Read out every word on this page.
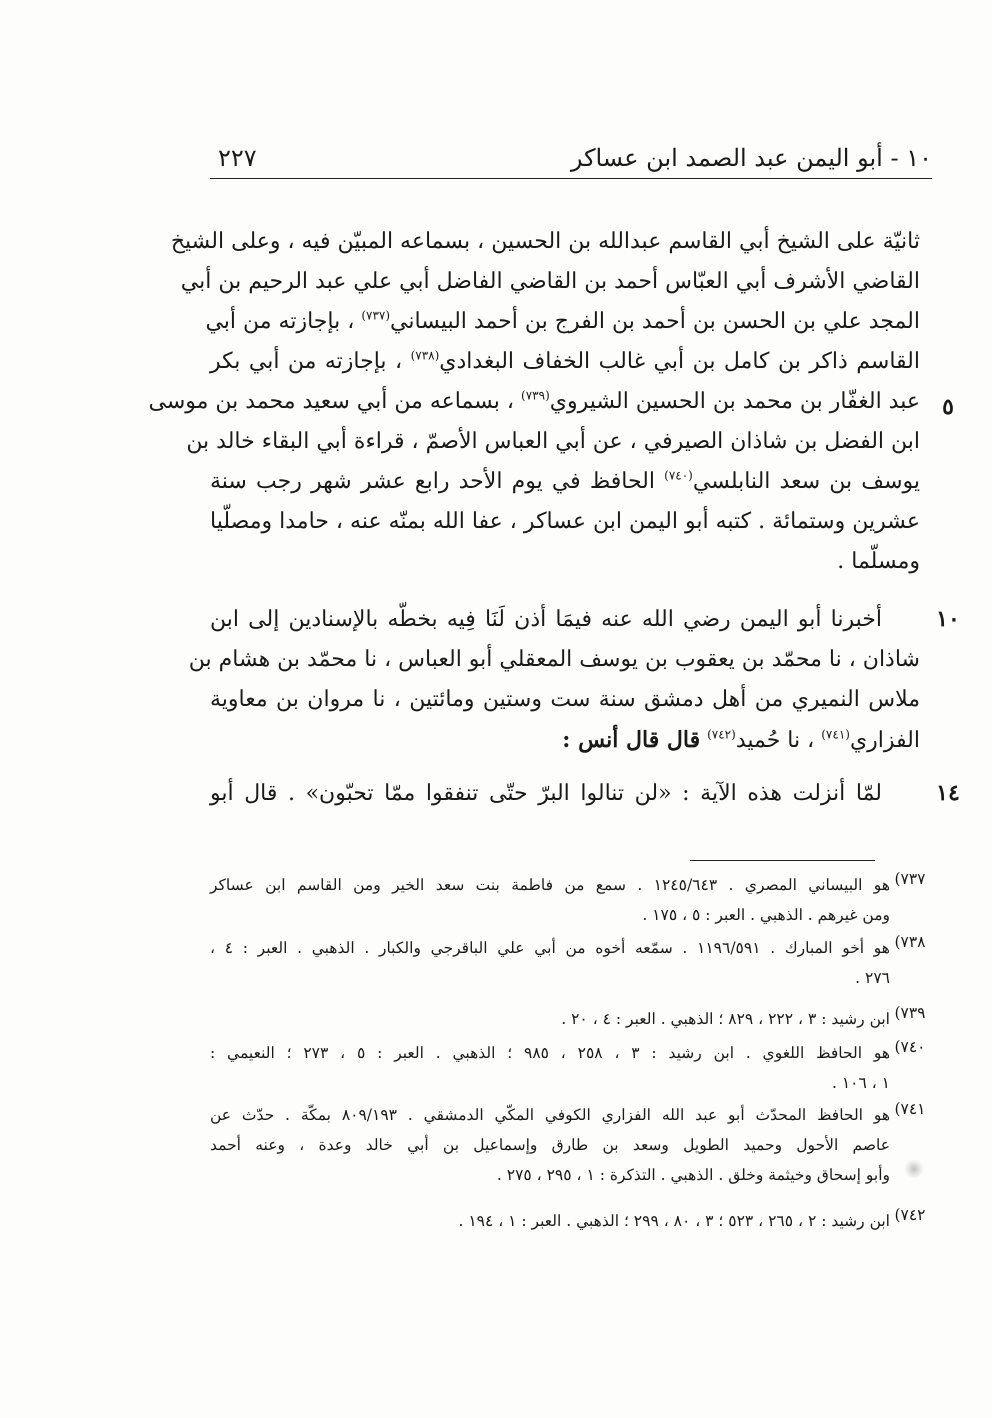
١٠ - أبو اليمن عبد الصمد ابن عساكر
٢٢٧
ثانيّة على الشيخ أبي القاسم عبدالله بن الحسين ، بسماعه المبيّن فيه ، وعلى الشيخ
القاضي الأشرف أبي العبّاس أحمد بن القاضي الفاضل أبي علي عبد الرحيم بن أبي
المجد علي بن الحسن بن أحمد بن الفرج بن أحمد البيساني$^{(٧٣٧)}$ ، بإجازته من أبي
القاسم ذاكر بن كامل بن أبي غالب الخفاف البغدادي$^{(٧٣٨)}$ ، بإجازته من أبي بكر
عبد الغفّار بن محمد بن الحسين الشيروي$^{(٧٣٩)}$ ، بسماعه من أبي سعيد محمد بن موسى
ابن الفضل بن شاذان الصيرفي ، عن أبي العباس الأصمّ ، قراءة أبي البقاء خالد بن
يوسف بن سعد النابلسي$^{(٧٤٠)}$ الحافظ في يوم الأحد رابع عشر شهر رجب سنة
عشرين وستمائة . كتبه أبو اليمن ابن عساكر ، عفا الله بمنّه عنه ، حامدا ومصلّيا
ومسلّما .
أخبرنا أبو اليمن رضي الله عنه فيمَا أذن لَنَا فِيه بخطّه بالإسنادين إلى ابن
شاذان ، نا محمّد بن يعقوب بن يوسف المعقلي أبو العباس ، نا محمّد بن هشام بن
ملاس النميري من أهل دمشق سنة ست وستين ومائتين ، نا مروان بن معاوية
الفزاري$^{(٧٤١)}$ ، نا حُميد$^{(٧٤٢)}$ قال قال أنس :
لمّا أنزلت هذه الآية : «لن تنالوا البرّ حتّى تنفقوا ممّا تحبّون» . قال أبو
٥
١٠
١٤
هو البيساني المصري . ١٢٤٥/٦٤٣ . سمع من فاطمة بنت سعد الخير ومن القاسم ابن عساكر
ومن غيرهم . الذهبي . العبر : ٥ ، ١٧٥ .
هو أخو المبارك . ١١٩٦/٥٩١ . سمّعه أخوه من أبي علي الباقرجي والكبار . الذهبي . العبر : ٤ ،
٢٧٦ .
ابن رشيد : ٣ ، ٢٢٢ ، ٨٢٩ ؛ الذهبي . العبر : ٤ ، ٢٠ .
هو الحافظ اللغوي . ابن رشيد : ٣ ، ٢٥٨ ، ٩٨٥ ؛ الذهبي . العبر : ٥ ، ٢٧٣ ؛ النعيمي :
١ ، ١٠٦ .
هو الحافظ المحدّث أبو عبد الله الفزاري الكوفي المكّي الدمشقي . ٨٠٩/١٩٣ بمكّة . حدّث عن
عاصم الأحول وحميد الطويل وسعد بن طارق وإسماعيل بن أبي خالد وعدة ، وعنه أحمد
وأبو إسحاق وخيثمة وخلق . الذهبي . التذكرة : ١ ، ٢٩٥ ، ٢٧٥ .
ابن رشيد : ٢ ، ٢٦٥ ، ٥٢٣ ؛ ٣ ، ٨٠ ، ٢٩٩ ؛ الذهبي . العبر : ١ ، ١٩٤ .
٧٣٧)
٧٣٨)
٧٣٩)
٧٤٠)
٧٤١)
٧٤٢)
